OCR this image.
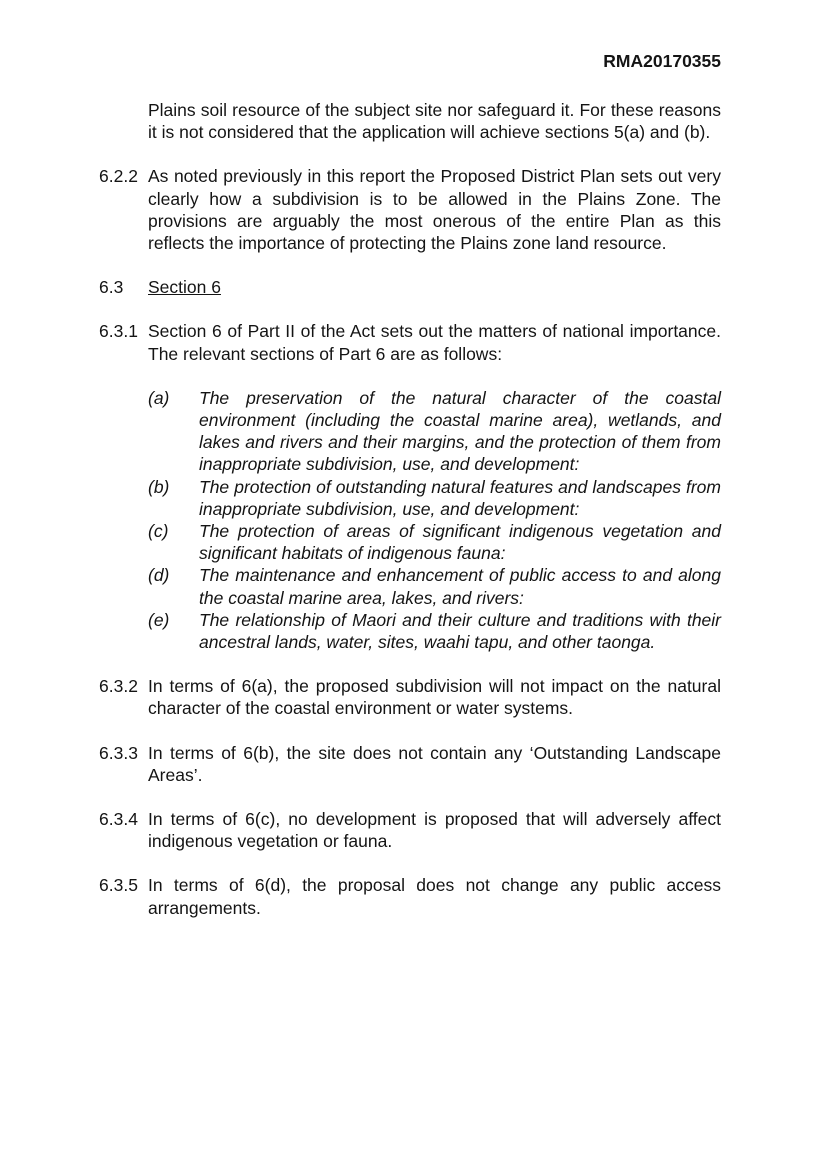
RMA20170355
Plains soil resource of the subject site nor safeguard it. For these reasons it is not considered that the application will achieve sections 5(a) and (b).
6.2.2 As noted previously in this report the Proposed District Plan sets out very clearly how a subdivision is to be allowed in the Plains Zone. The provisions are arguably the most onerous of the entire Plan as this reflects the importance of protecting the Plains zone land resource.
6.3	Section 6
6.3.1 Section 6 of Part II of the Act sets out the matters of national importance. The relevant sections of Part 6 are as follows:
(a)	The preservation of the natural character of the coastal environment (including the coastal marine area), wetlands, and lakes and rivers and their margins, and the protection of them from inappropriate subdivision, use, and development:
(b)	The protection of outstanding natural features and landscapes from inappropriate subdivision, use, and development:
(c)	The protection of areas of significant indigenous vegetation and significant habitats of indigenous fauna:
(d)	The maintenance and enhancement of public access to and along the coastal marine area, lakes, and rivers:
(e)	The relationship of Maori and their culture and traditions with their ancestral lands, water, sites, waahi tapu, and other taonga.
6.3.2 In terms of 6(a), the proposed subdivision will not impact on the natural character of the coastal environment or water systems.
6.3.3 In terms of 6(b), the site does not contain any ‘Outstanding Landscape Areas’.
6.3.4 In terms of 6(c), no development is proposed that will adversely affect indigenous vegetation or fauna.
6.3.5 In terms of 6(d), the proposal does not change any public access arrangements.
